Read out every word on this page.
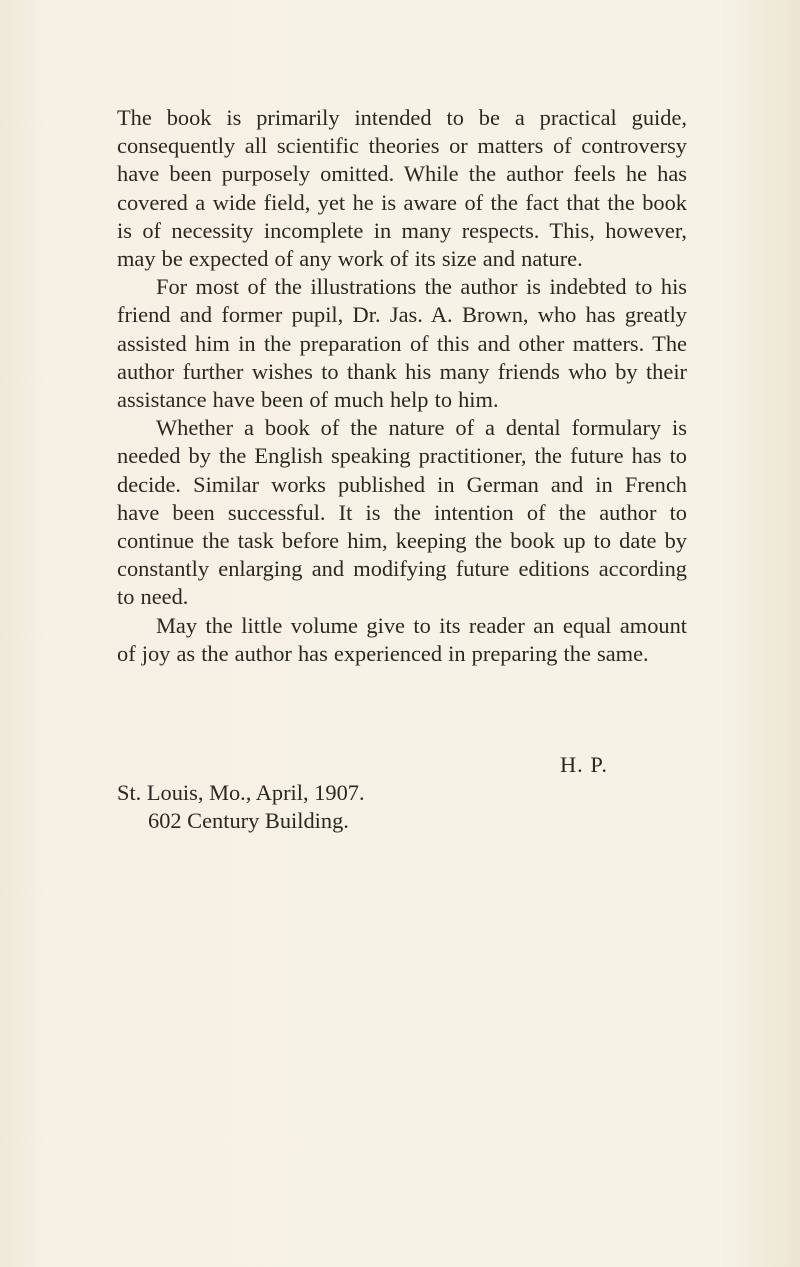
The book is primarily intended to be a practical guide, consequently all scientific theories or matters of controversy have been purposely omitted. While the author feels he has covered a wide field, yet he is aware of the fact that the book is of necessity incomplete in many respects. This, however, may be expected of any work of its size and nature.

For most of the illustrations the author is indebted to his friend and former pupil, Dr. Jas. A. Brown, who has greatly assisted him in the preparation of this and other matters. The author further wishes to thank his many friends who by their assistance have been of much help to him.

Whether a book of the nature of a dental formulary is needed by the English speaking practitioner, the future has to decide. Similar works published in German and in French have been successful. It is the intention of the author to continue the task before him, keeping the book up to date by constantly enlarging and modifying future editions according to need.

May the little volume give to its reader an equal amount of joy as the author has experienced in preparing the same.

H. P.
St. Louis, Mo., April, 1907.
602 Century Building.
